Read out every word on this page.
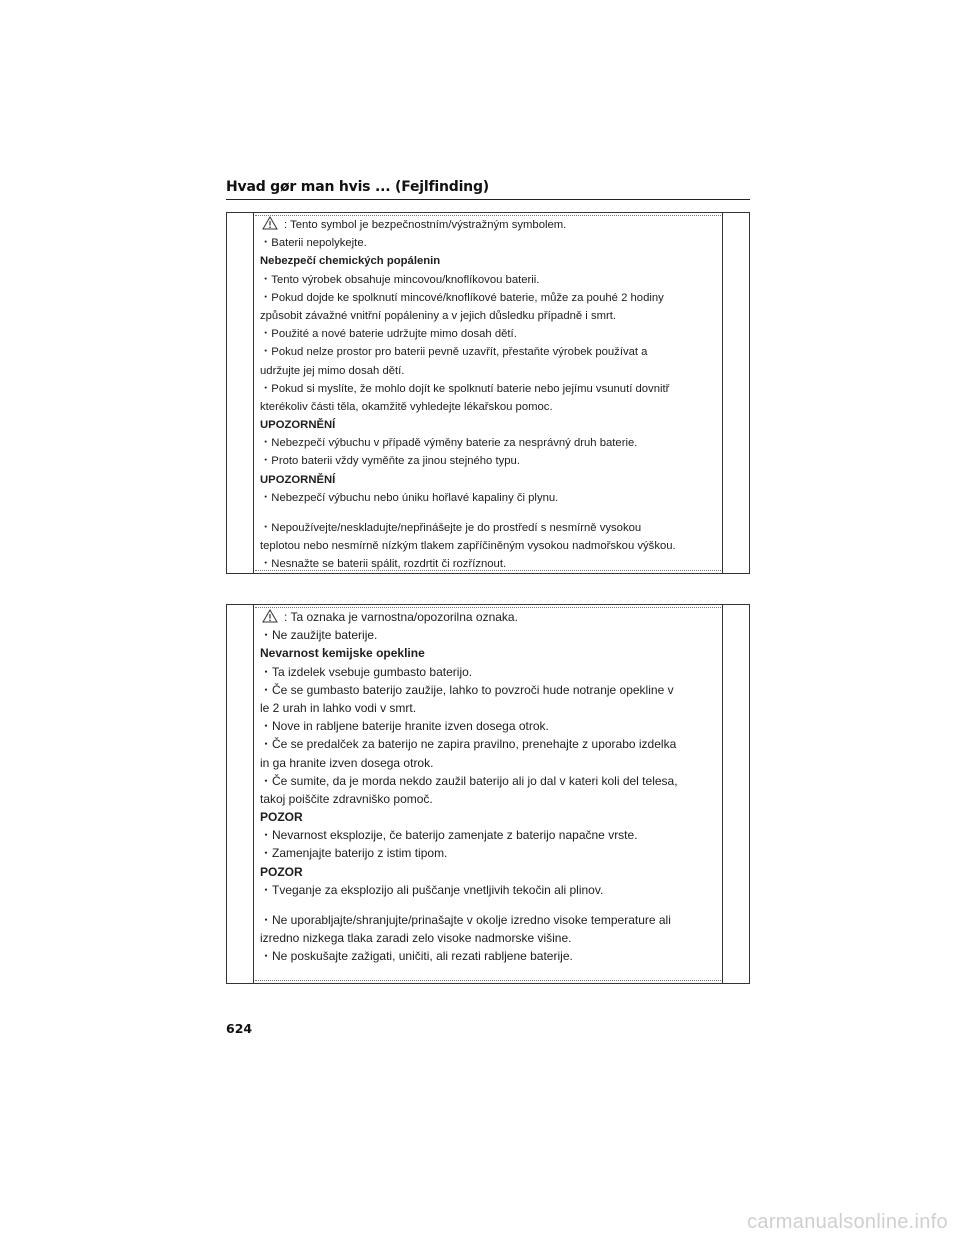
Hvad gør man hvis ... (Fejlfinding)
: Tento symbol je bezpečnostním/výstražným symbolem.
・Baterii nepolykejte.
Nebezpečí chemických popálenin
・Tento výrobek obsahuje mincovou/knoflíkovou baterii.
・Pokud dojde ke spolknutí mincové/knoflíkové baterie, může za pouhé 2 hodiny
způsobit závažné vnitřní popáleniny a v jejich důsledku případně i smrt.
・Použité a nové baterie udržujte mimo dosah dětí.
・Pokud nelze prostor pro baterii pevně uzavřít, přestaňte výrobek používat a
udržujte jej mimo dosah dětí.
・Pokud si myslíte, že mohlo dojít ke spolknutí baterie nebo jejímu vsunutí dovnitř
kterékoliv části těla, okamžitě vyhledejte lékařskou pomoc.
UPOZORNĚNÍ
・Nebezpečí výbuchu v případě výměny baterie za nesprávný druh baterie.
・Proto baterii vždy vyměňte za jinou stejného typu.
UPOZORNĚNÍ
・Nebezpečí výbuchu nebo úniku hořlavé kapaliny či plynu.
・Nepoužívejte/neskladujte/nepřinášejte je do prostředí s nesmírně vysokou
teplotou nebo nesmírně nízkým tlakem zapříčiněným vysokou nadmořskou výškou.
・Nesnažte se baterii spálit, rozdrtit či rozříznout.
: Ta oznaka je varnostna/opozorilna oznaka.
・Ne zaužijte baterije.
Nevarnost kemijske opekline
・Ta izdelek vsebuje gumbasto baterijo.
・Če se gumbasto baterijo zaužije, lahko to povzroči hude notranje opekline v
le 2 urah in lahko vodi v smrt.
・Nove in rabljene baterije hranite izven dosega otrok.
・Če se predalček za baterijo ne zapira pravilno, prenehajte z uporabo izdelka
in ga hranite izven dosega otrok.
・Če sumite, da je morda nekdo zaužil baterijo ali jo dal v kateri koli del telesa,
takoj poiščite zdravniško pomoč.
POZOR
・Nevarnost eksplozije, če baterijo zamenjate z baterijo napačne vrste.
・Zamenjajte baterijo z istim tipom.
POZOR
・Tveganje za eksplozijo ali puščanje vnetljivih tekočin ali plinov.
・Ne uporabljajte/shranjujte/prinašajte v okolje izredno visoke temperature ali
izredno nizkega tlaka zaradi zelo visoke nadmorske višine.
・Ne poskušajte zažigati, uničiti, ali rezati rabljene baterije.
624
carmanualsonline.info
